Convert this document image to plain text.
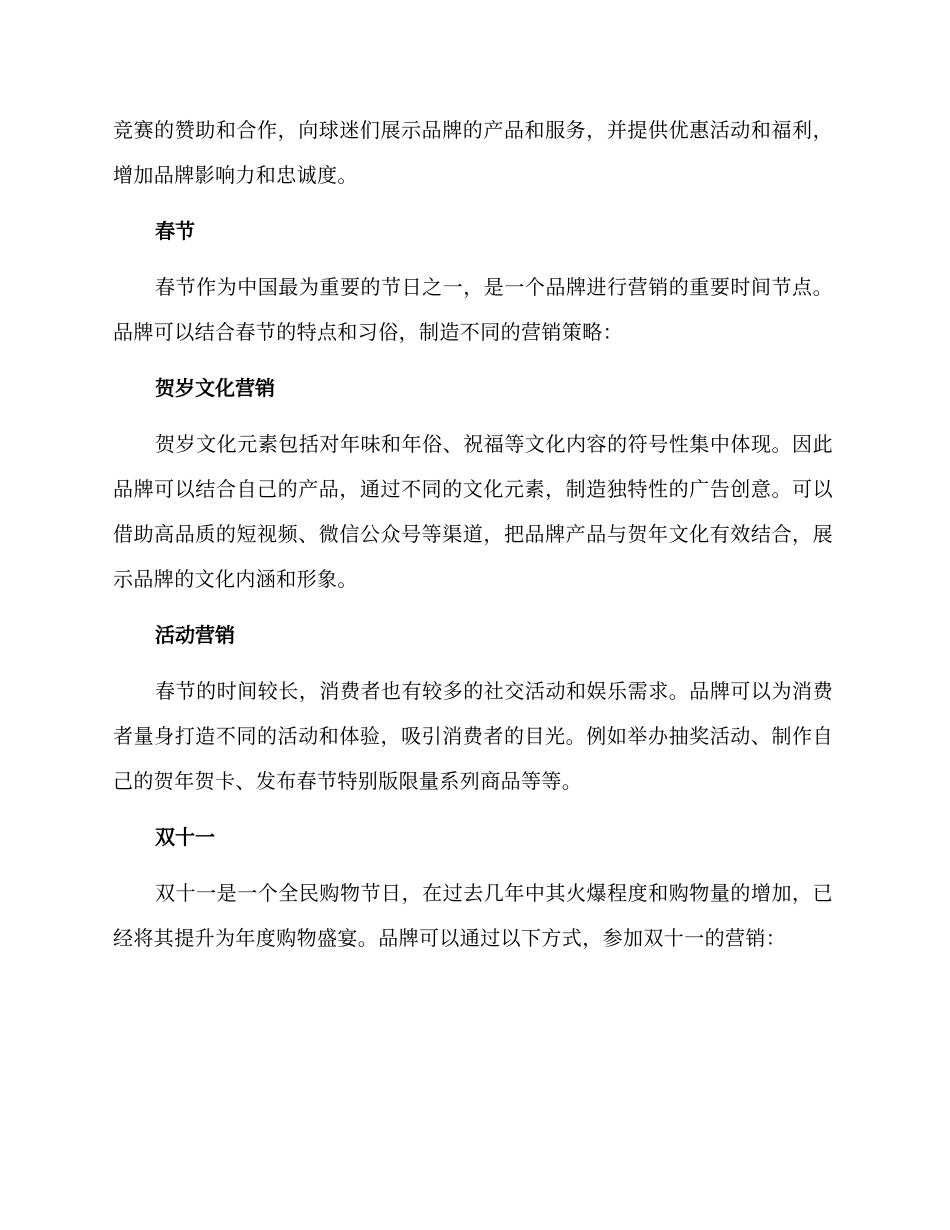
竞赛的赞助和合作，向球迷们展示品牌的产品和服务，并提供优惠活动和福利，增加品牌影响力和忠诚度。

春节

春节作为中国最为重要的节日之一，是一个品牌进行营销的重要时间节点。品牌可以结合春节的特点和习俗，制造不同的营销策略：

贺岁文化营销

贺岁文化元素包括对年味和年俗、祝福等文化内容的符号性集中体现。因此品牌可以结合自己的产品，通过不同的文化元素，制造独特性的广告创意。可以借助高品质的短视频、微信公众号等渠道，把品牌产品与贺年文化有效结合，展示品牌的文化内涵和形象。

活动营销

春节的时间较长，消费者也有较多的社交活动和娱乐需求。品牌可以为消费者量身打造不同的活动和体验，吸引消费者的目光。例如举办抽奖活动、制作自己的贺年贺卡、发布春节特别版限量系列商品等等。

双十一

双十一是一个全民购物节日，在过去几年中其火爆程度和购物量的增加，已经将其提升为年度购物盛宴。品牌可以通过以下方式，参加双十一的营销：
